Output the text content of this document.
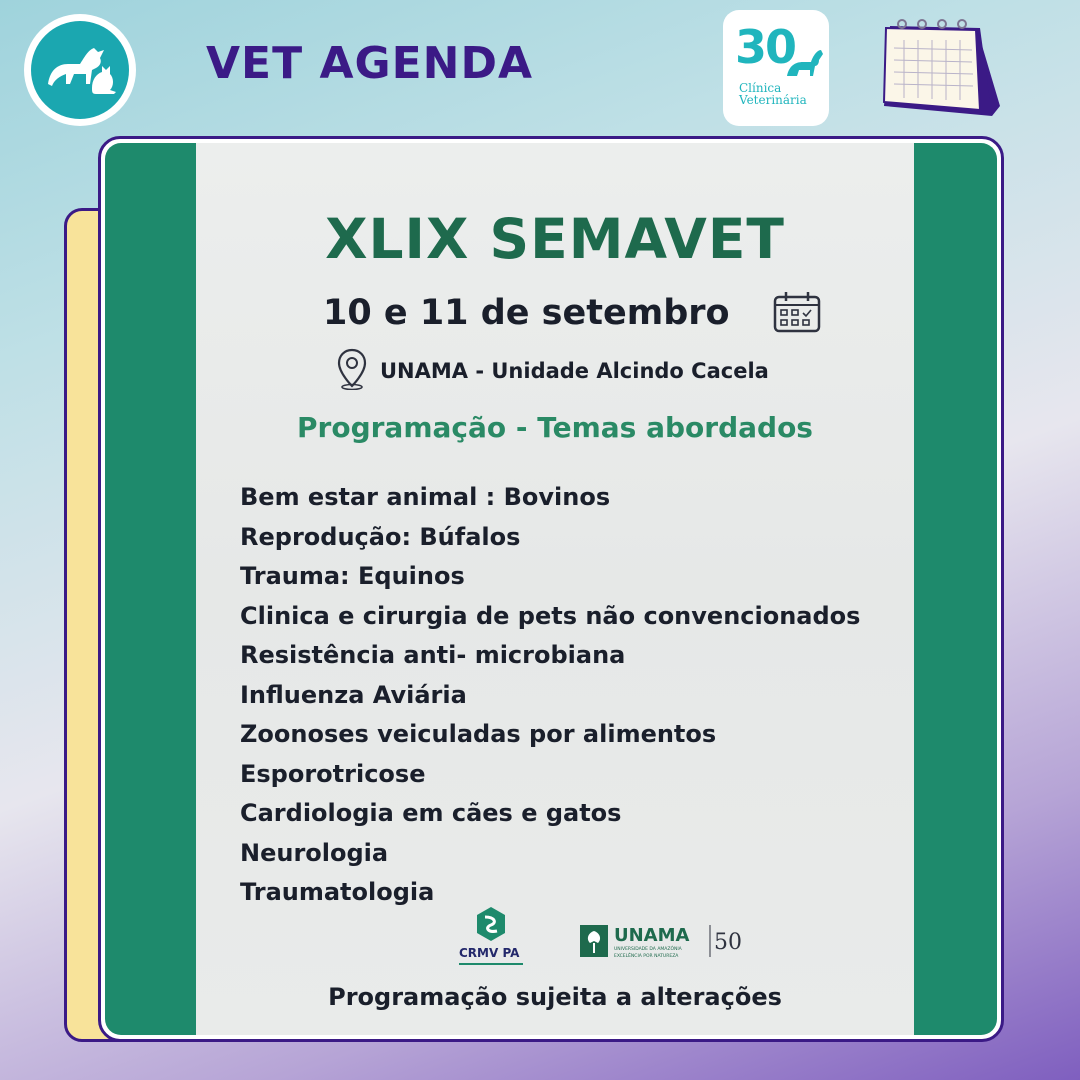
VET AGENDA	30
Clínica
Veterinária
XLIX SEMAVET
10 e 11 de setembro
UNAMA - Unidade Alcindo Cacela
Programação - Temas abordados
Bem estar animal : Bovinos
Reprodução: Búfalos
Trauma: Equinos
Clinica e cirurgia de pets não convencionados
Resistência anti- microbiana
Influenza Aviária
Zoonoses veiculadas por alimentos
Esporotricose
Cardiologia em cães e gatos
Neurologia
Traumatologia
CRMV PA
UNAMA
UNIVERSIDADE DA AMAZÔNIA
EXCELÊNCIA POR NATUREZA
50
Programação sujeita a alterações
